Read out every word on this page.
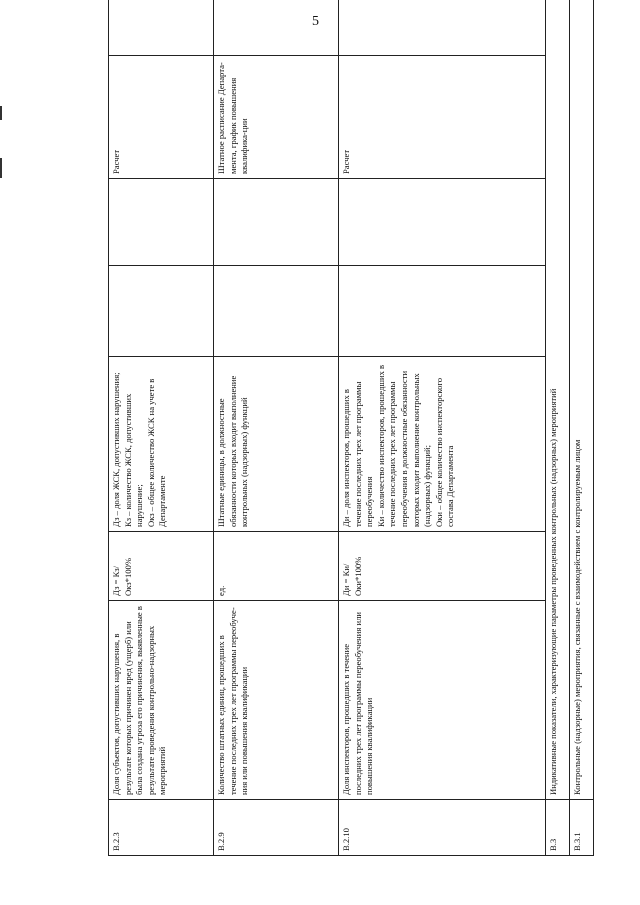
5
В.2.3	Доля субъектов, допустивших нарушения, в результате которых причинен вред (ущерб) или была создана угроза его причинения, выявленные в результате проведения контрольно-надзорных мероприятий	Дз = Кз/Окз*100%	Дз – доля ЖСК, допустивших нарушения;
Кз – количество ЖСК, допустивших нарушение;
Окз – общее количество ЖСК на учете в Департаменте			Расчет	
В.2.9	Количество штатных единиц, прошедших в течение последних трех лет программы переобуче-ния или повышения квалификации	ед.	Штатные единицы, в должностные обязанности которых входит выполнение контрольных (надзорных) функций			Штатное расписание Департа-мента, график повышения квалифика-ции	
В.2.10	Доля инспекторов, прошедших в течение последних трех лет программы переобучения или повышения квалификации	Ди = Ки/Оки*100%	Ди – доля инспекторов, прошедших в течение последних трех лет программы переобучения
Ки – количество инспекторов, прошедших в течение последних трех лет программы переобучения в должностные обязанности которых входит выполнение контрольных (надзорных) функций;
Оки – общее количество инспекторского состава Департамента			Расчет	
В.3	Индикативные показатели, характеризующие параметры проведенных контрольных (надзорных) мероприятий						
В.3.1	Контрольные (надзорные) мероприятия, связанные с взаимодействием с контролируемым лицом						
